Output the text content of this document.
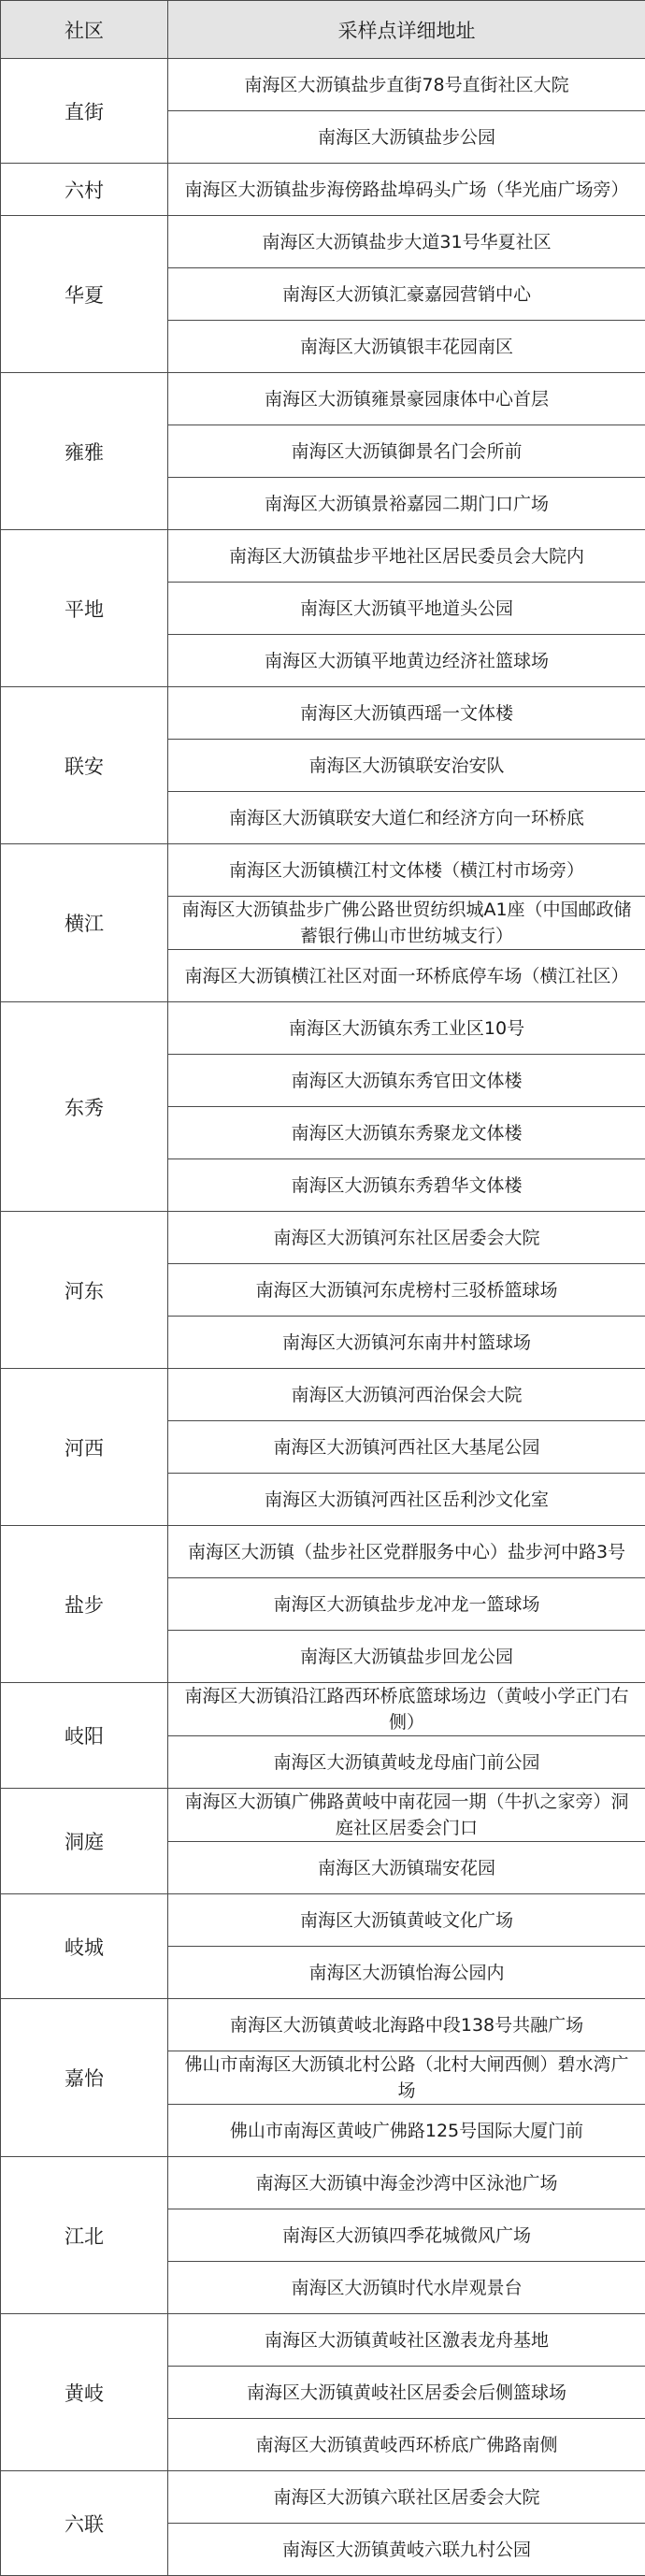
社区	采样点详细地址
直街	南海区大沥镇盐步直街78号直街社区大院
	南海区大沥镇盐步公园
六村	南海区大沥镇盐步海傍路盐埠码头广场（华光庙广场旁）
华夏	南海区大沥镇盐步大道31号华夏社区
	南海区大沥镇汇豪嘉园营销中心
	南海区大沥镇银丰花园南区
雍雅	南海区大沥镇雍景豪园康体中心首层
	南海区大沥镇御景名门会所前
	南海区大沥镇景裕嘉园二期门口广场
平地	南海区大沥镇盐步平地社区居民委员会大院内
	南海区大沥镇平地道头公园
	南海区大沥镇平地黄边经济社篮球场
联安	南海区大沥镇西瑶一文体楼
	南海区大沥镇联安治安队
	南海区大沥镇联安大道仁和经济方向一环桥底
横江	南海区大沥镇横江村文体楼（横江村市场旁）
	南海区大沥镇盐步广佛公路世贸纺织城A1座（中国邮政储蓄银行佛山市世纺城支行）
	南海区大沥镇横江社区对面一环桥底停车场（横江社区）
东秀	南海区大沥镇东秀工业区10号
	南海区大沥镇东秀官田文体楼
	南海区大沥镇东秀聚龙文体楼
	南海区大沥镇东秀碧华文体楼
河东	南海区大沥镇河东社区居委会大院
	南海区大沥镇河东虎榜村三驳桥篮球场
	南海区大沥镇河东南井村篮球场
河西	南海区大沥镇河西治保会大院
	南海区大沥镇河西社区大基尾公园
	南海区大沥镇河西社区岳利沙文化室
盐步	南海区大沥镇（盐步社区党群服务中心）盐步河中路3号
	南海区大沥镇盐步龙冲龙一篮球场
	南海区大沥镇盐步回龙公园
岐阳	南海区大沥镇沿江路西环桥底篮球场边（黄岐小学正门右侧）
	南海区大沥镇黄岐龙母庙门前公园
洞庭	南海区大沥镇广佛路黄岐中南花园一期（牛扒之家旁）洞庭社区居委会门口
	南海区大沥镇瑞安花园
岐城	南海区大沥镇黄岐文化广场
	南海区大沥镇怡海公园内
嘉怡	南海区大沥镇黄岐北海路中段138号共融广场
	佛山市南海区大沥镇北村公路（北村大闸西侧）碧水湾广场
	佛山市南海区黄岐广佛路125号国际大厦门前
江北	南海区大沥镇中海金沙湾中区泳池广场
	南海区大沥镇四季花城微风广场
	南海区大沥镇时代水岸观景台
黄岐	南海区大沥镇黄岐社区激表龙舟基地
	南海区大沥镇黄岐社区居委会后侧篮球场
	南海区大沥镇黄岐西环桥底广佛路南侧
六联	南海区大沥镇六联社区居委会大院
	南海区大沥镇黄岐六联九村公园
